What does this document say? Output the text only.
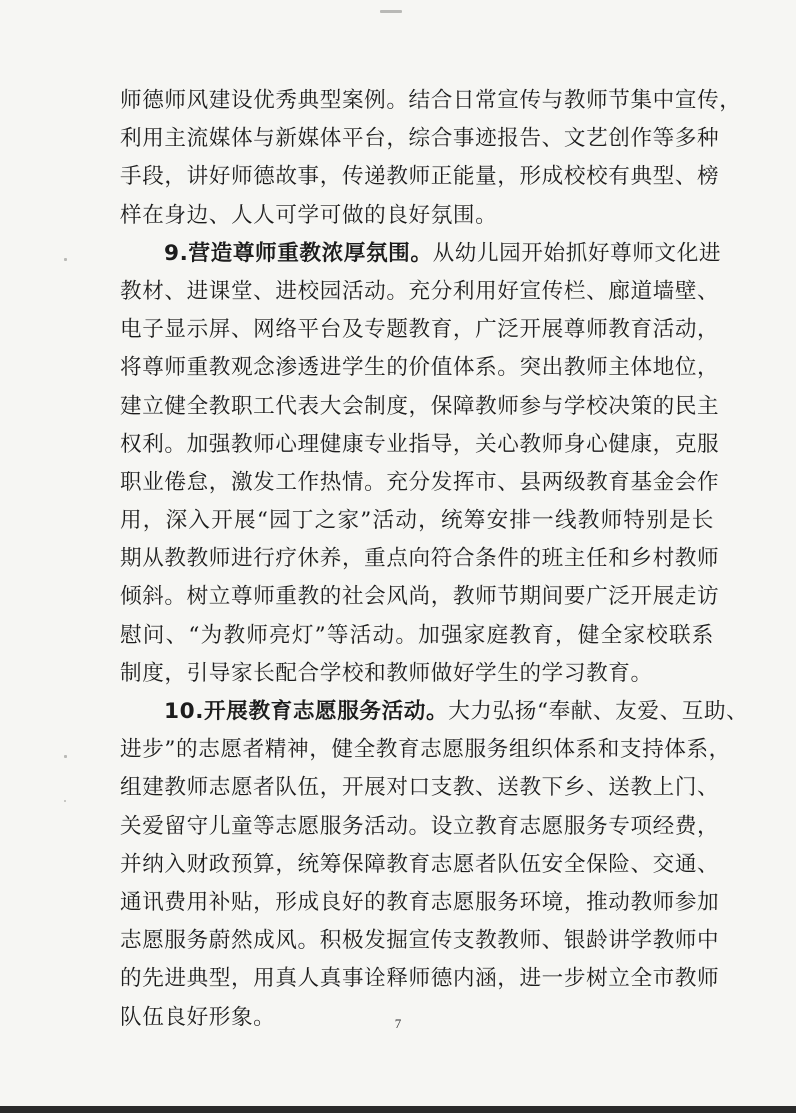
师德师风建设优秀典型案例。结合日常宣传与教师节集中宣传，
利用主流媒体与新媒体平台，综合事迹报告、文艺创作等多种
手段，讲好师德故事，传递教师正能量，形成校校有典型、榜
样在身边、人人可学可做的良好氛围。
9.营造尊师重教浓厚氛围。从幼儿园开始抓好尊师文化进
教材、进课堂、进校园活动。充分利用好宣传栏、廊道墙壁、
电子显示屏、网络平台及专题教育，广泛开展尊师教育活动，
将尊师重教观念渗透进学生的价值体系。突出教师主体地位，
建立健全教职工代表大会制度，保障教师参与学校决策的民主
权利。加强教师心理健康专业指导，关心教师身心健康，克服
职业倦怠，激发工作热情。充分发挥市、县两级教育基金会作
用，深入开展“园丁之家”活动，统筹安排一线教师特别是长
期从教教师进行疗休养，重点向符合条件的班主任和乡村教师
倾斜。树立尊师重教的社会风尚，教师节期间要广泛开展走访
慰问、“为教师亮灯”等活动。加强家庭教育，健全家校联系
制度，引导家长配合学校和教师做好学生的学习教育。
10.开展教育志愿服务活动。大力弘扬“奉献、友爱、互助、
进步”的志愿者精神，健全教育志愿服务组织体系和支持体系，
组建教师志愿者队伍，开展对口支教、送教下乡、送教上门、
关爱留守儿童等志愿服务活动。设立教育志愿服务专项经费，
并纳入财政预算，统筹保障教育志愿者队伍安全保险、交通、
通讯费用补贴，形成良好的教育志愿服务环境，推动教师参加
志愿服务蔚然成风。积极发掘宣传支教教师、银龄讲学教师中
的先进典型，用真人真事诠释师德内涵，进一步树立全市教师
队伍良好形象。	7
